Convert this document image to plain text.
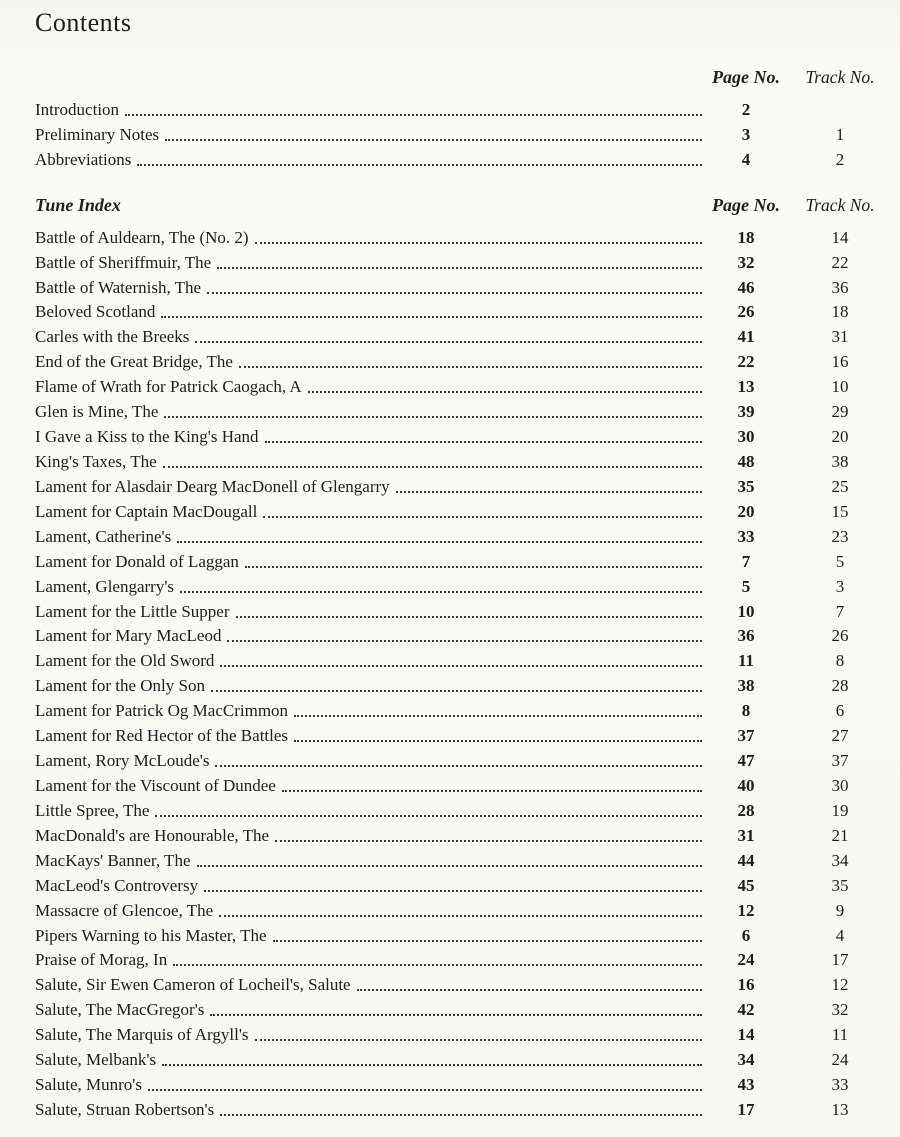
Contents
Page No.	Track No.
Introduction	2
Preliminary Notes	3	1
Abbreviations	4	2
Tune Index	Page No.	Track No.
Battle of Auldearn, The (No. 2)	18	14
Battle of Sheriffmuir, The	32	22
Battle of Waternish, The	46	36
Beloved Scotland	26	18
Carles with the Breeks	41	31
End of the Great Bridge, The	22	16
Flame of Wrath for Patrick Caogach, A	13	10
Glen is Mine, The	39	29
I Gave a Kiss to the King's Hand	30	20
King's Taxes, The	48	38
Lament for Alasdair Dearg MacDonell of Glengarry	35	25
Lament for Captain MacDougall	20	15
Lament, Catherine's	33	23
Lament for Donald of Laggan	7	5
Lament, Glengarry's	5	3
Lament for the Little Supper	10	7
Lament for Mary MacLeod	36	26
Lament for the Old Sword	11	8
Lament for the Only Son	38	28
Lament for Patrick Og MacCrimmon	8	6
Lament for Red Hector of the Battles	37	27
Lament, Rory McLoude's	47	37
Lament for the Viscount of Dundee	40	30
Little Spree, The	28	19
MacDonald's are Honourable, The	31	21
MacKays' Banner, The	44	34
MacLeod's Controversy	45	35
Massacre of Glencoe, The	12	9
Pipers Warning to his Master, The	6	4
Praise of Morag, In	24	17
Salute, Sir Ewen Cameron of Locheil's, Salute	16	12
Salute, The MacGregor's	42	32
Salute, The Marquis of Argyll's	14	11
Salute, Melbank's	34	24
Salute, Munro's	43	33
Salute, Struan Robertson's	17	13
